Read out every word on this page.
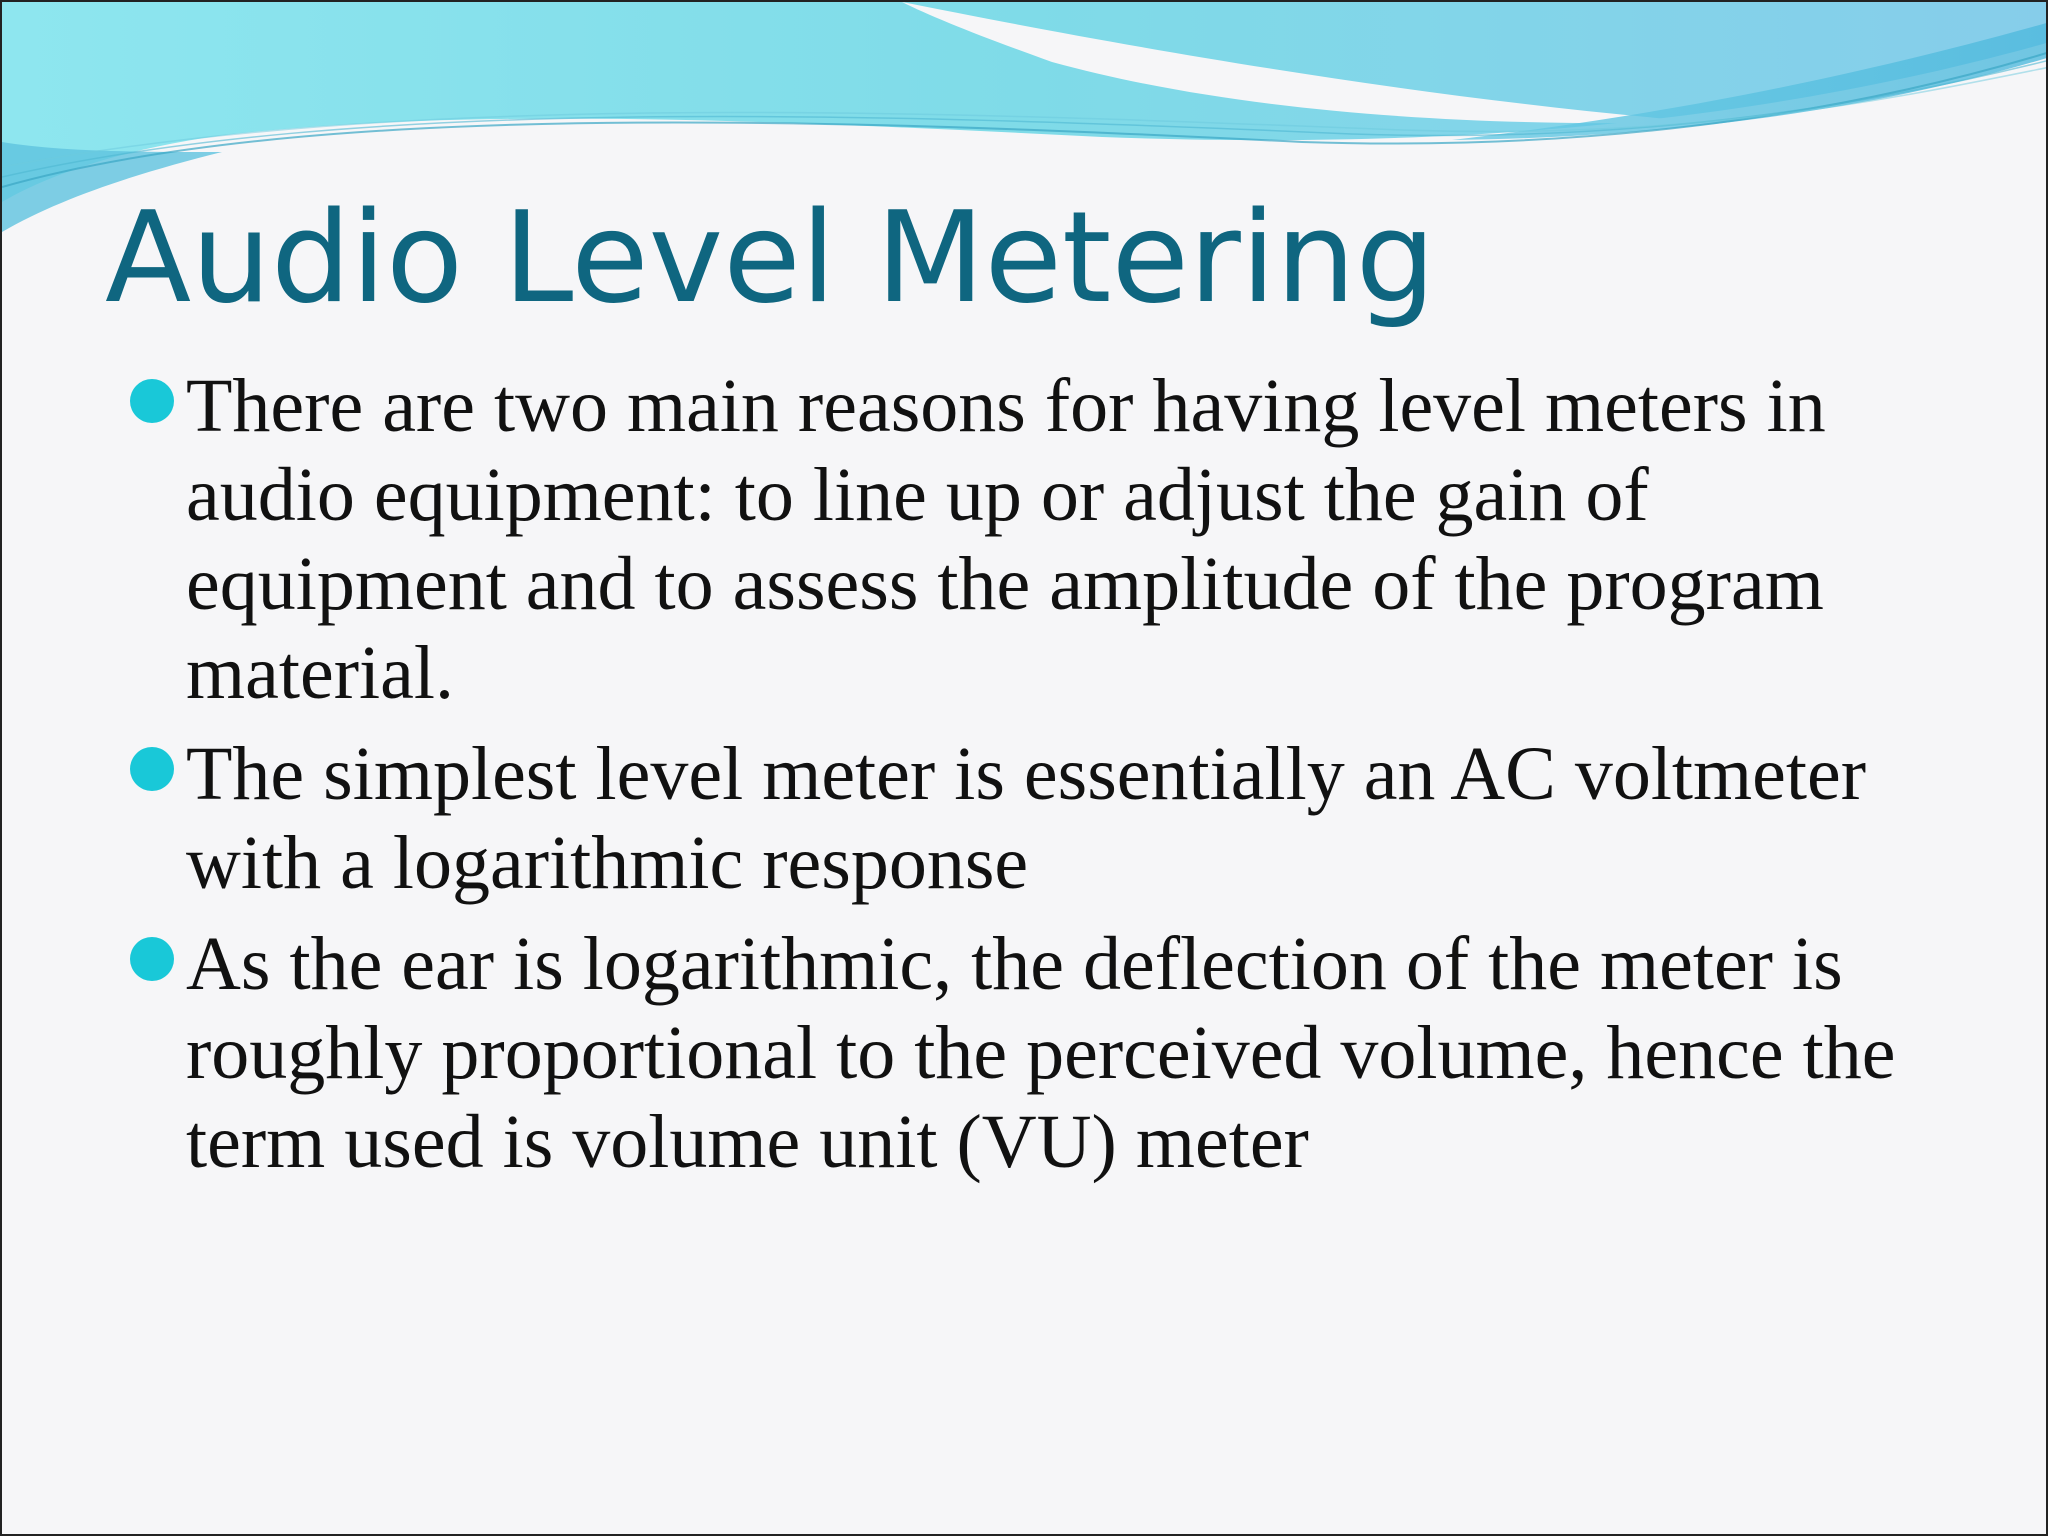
Audio Level Metering
There are two main reasons for having level meters in audio equipment: to line up or adjust the gain of equipment and to assess the amplitude of the program material.
The simplest level meter is essentially an AC voltmeter with a logarithmic response
As the ear is logarithmic, the deflection of the meter is roughly proportional to the perceived volume, hence the term used is volume unit (VU) meter
